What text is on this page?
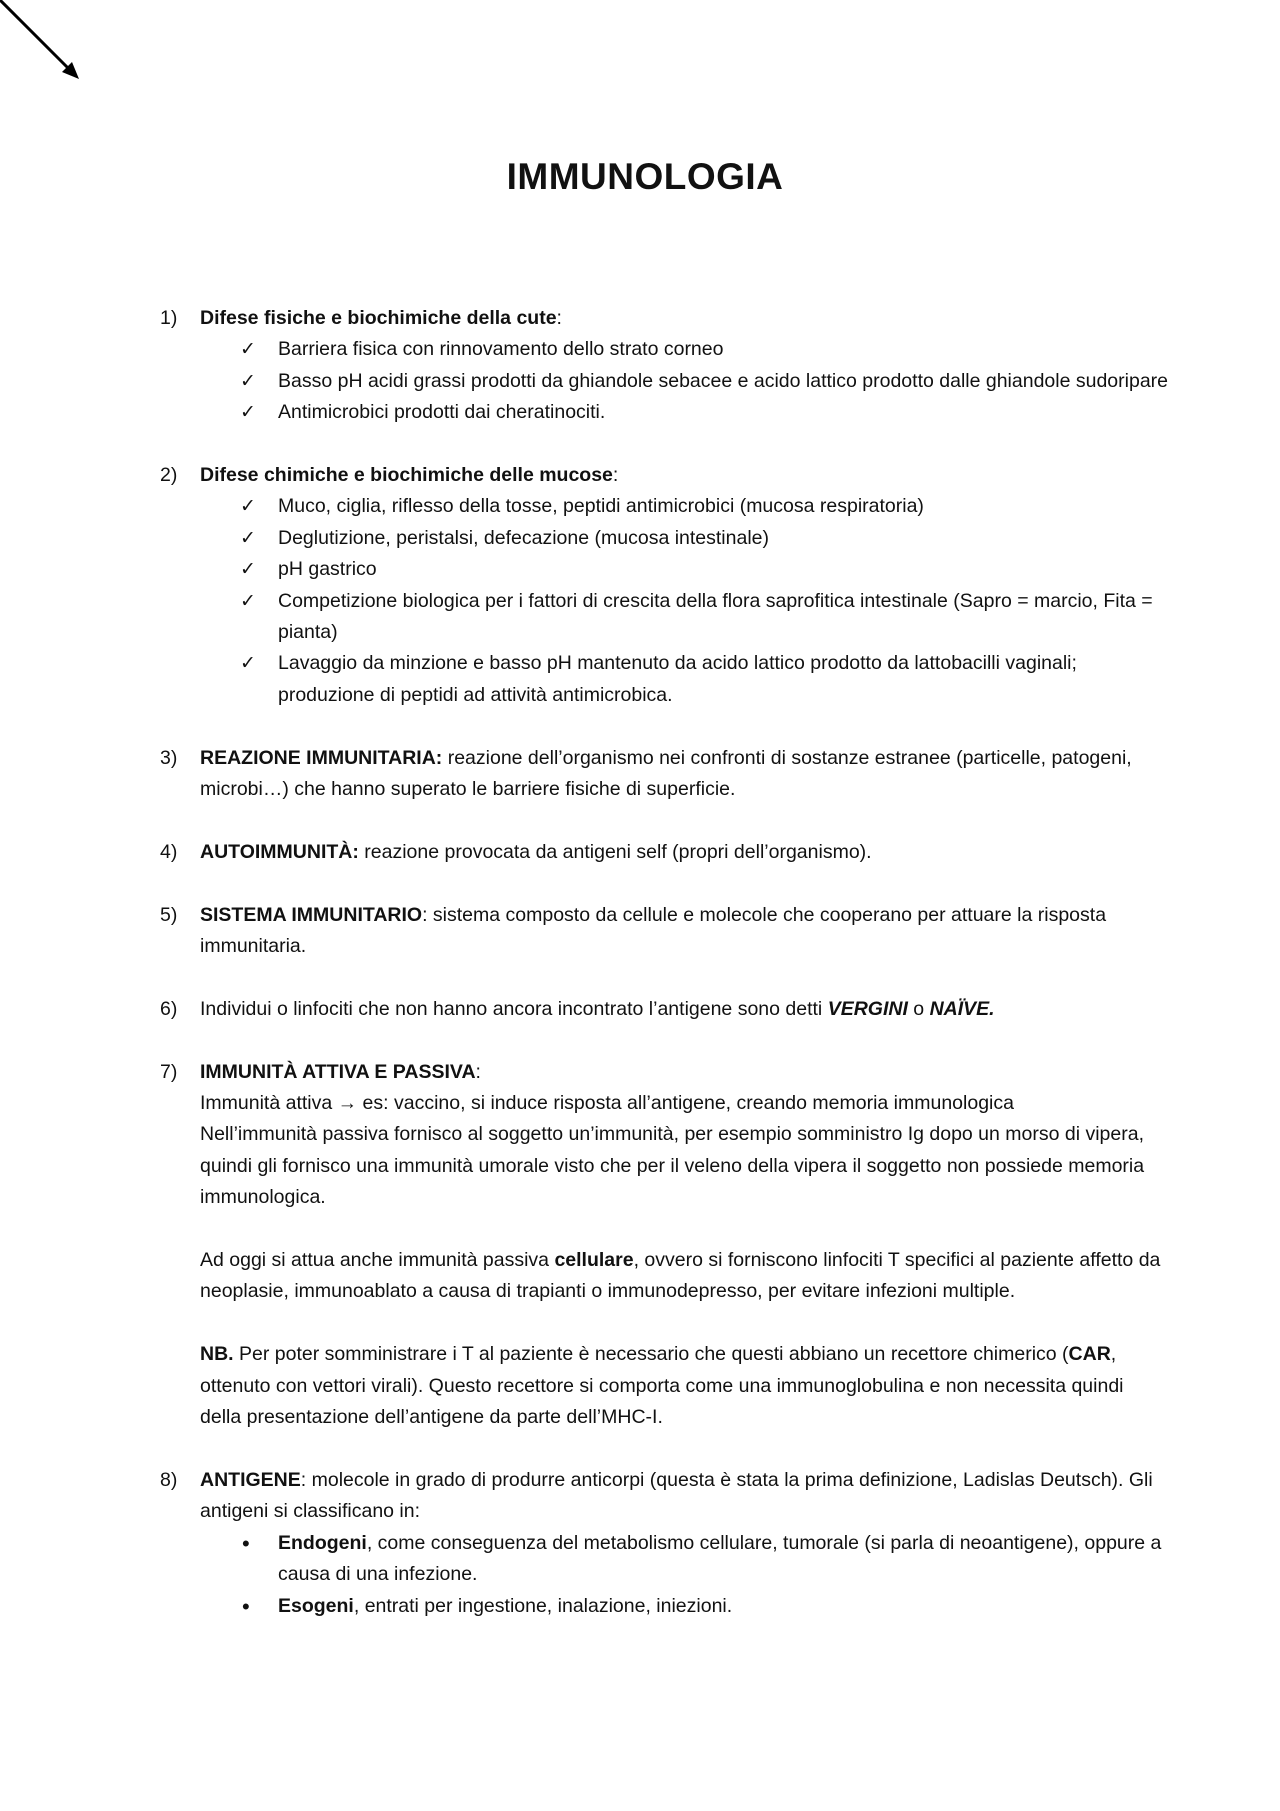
IMMUNOLOGIA
1) Difese fisiche e biochimiche della cute:
✓ Barriera fisica con rinnovamento dello strato corneo
✓ Basso pH acidi grassi prodotti da ghiandole sebacee e acido lattico prodotto dalle ghiandole sudoripare
✓ Antimicrobici prodotti dai cheratinociti.
2) Difese chimiche e biochimiche delle mucose:
✓ Muco, ciglia, riflesso della tosse, peptidi antimicrobici (mucosa respiratoria)
✓ Deglutizione, peristalsi, defecazione (mucosa intestinale)
✓ pH gastrico
✓ Competizione biologica per i fattori di crescita della flora saprofitica intestinale (Sapro = marcio, Fita = pianta)
✓ Lavaggio da minzione e basso pH mantenuto da acido lattico prodotto da lattobacilli vaginali; produzione di peptidi ad attività antimicrobica.
3) REAZIONE IMMUNITARIA: reazione dell’organismo nei confronti di sostanze estranee (particelle, patogeni, microbi…) che hanno superato le barriere fisiche di superficie.
4) AUTOIMMUNITÀ: reazione provocata da antigeni self (propri dell’organismo).
5) SISTEMA IMMUNITARIO: sistema composto da cellule e molecole che cooperano per attuare la risposta immunitaria.
6) Individui o linfociti che non hanno ancora incontrato l’antigene sono detti VERGINI o NAÏVE.
7) IMMUNITÀ ATTIVA E PASSIVA:
Immunità attiva → es: vaccino, si induce risposta all’antigene, creando memoria immunologica
Nell’immunità passiva fornisco al soggetto un’immunità, per esempio somministro Ig dopo un morso di vipera, quindi gli fornisco una immunità umorale visto che per il veleno della vipera il soggetto non possiede memoria immunologica.
Ad oggi si attua anche immunità passiva cellulare, ovvero si forniscono linfociti T specifici al paziente affetto da neoplasie, immunoablato a causa di trapianti o immunodepresso, per evitare infezioni multiple.
NB. Per poter somministrare i T al paziente è necessario che questi abbiano un recettore chimerico (CAR, ottenuto con vettori virali). Questo recettore si comporta come una immunoglobulina e non necessita quindi della presentazione dell’antigene da parte dell’MHC-I.
8) ANTIGENE: molecole in grado di produrre anticorpi (questa è stata la prima definizione, Ladislas Deutsch). Gli antigeni si classificano in:
• Endogeni, come conseguenza del metabolismo cellulare, tumorale (si parla di neoantigene), oppure a causa di una infezione.
• Esogeni, entrati per ingestione, inalazione, iniezioni.
